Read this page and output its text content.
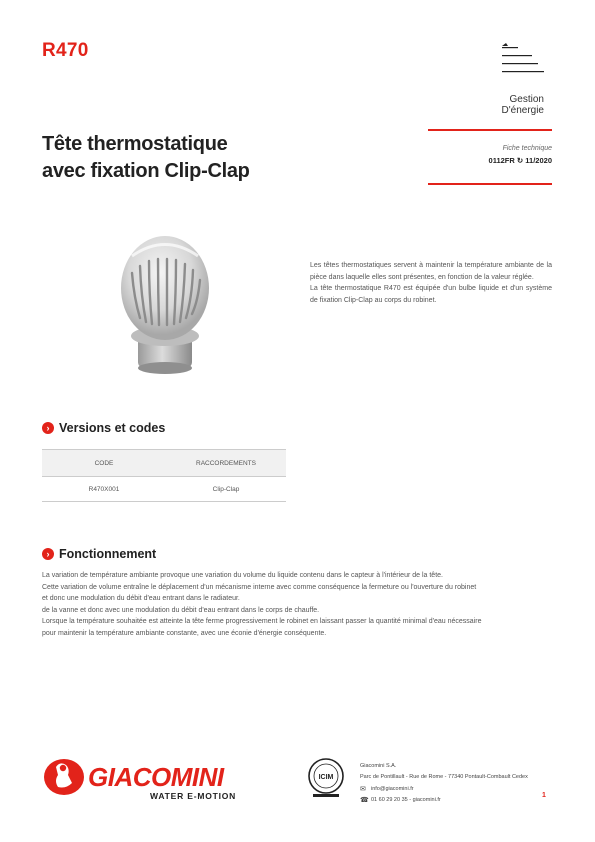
R470
Gestion
D'énergie
Tête thermostatique
avec fixation Clip-Clap
Fiche technique
0112FR ↻ 11/2020

Les têtes thermostatiques servent à maintenir la température ambiante de la pièce dans laquelle elles sont présentes, en fonction de la valeur réglée.

La tête thermostatique R470 est équipée d'un bulbe liquide et d'un système de fixation Clip-Clap au corps du robinet.

› Versions et codes
CODE	RACCORDEMENTS
R470X001	Clip-Clap
› Fonctionnement

La variation de température ambiante provoque une variation du volume du liquide contenu dans le capteur à l'intérieur de la tête.

Cette variation de volume entraîne le déplacement d'un mécanisme interne avec comme conséquence la fermeture ou l'ouverture du robinet

et donc une modulation du débit d'eau entrant dans le radiateur.

de la vanne et donc avec une modulation du débit d'eau entrant dans le corps de chauffe.

Lorsque la température souhaitée est atteinte la tête ferme progressivement le robinet en laissant passer la quantité minimal d'eau nécessaire

pour maintenir la température ambiante constante, avec une éconie d'énergie conséquente.

GIACOMINI
WATER E-MOTION
ICIM
Giacomini S.A.
Parc de Pontillault - Rue de Rome - 77340 Pontault-Combault Cedex
✉ info@giacomini.fr
☎ 01 60 29 20 35 - giacomini.fr
1
